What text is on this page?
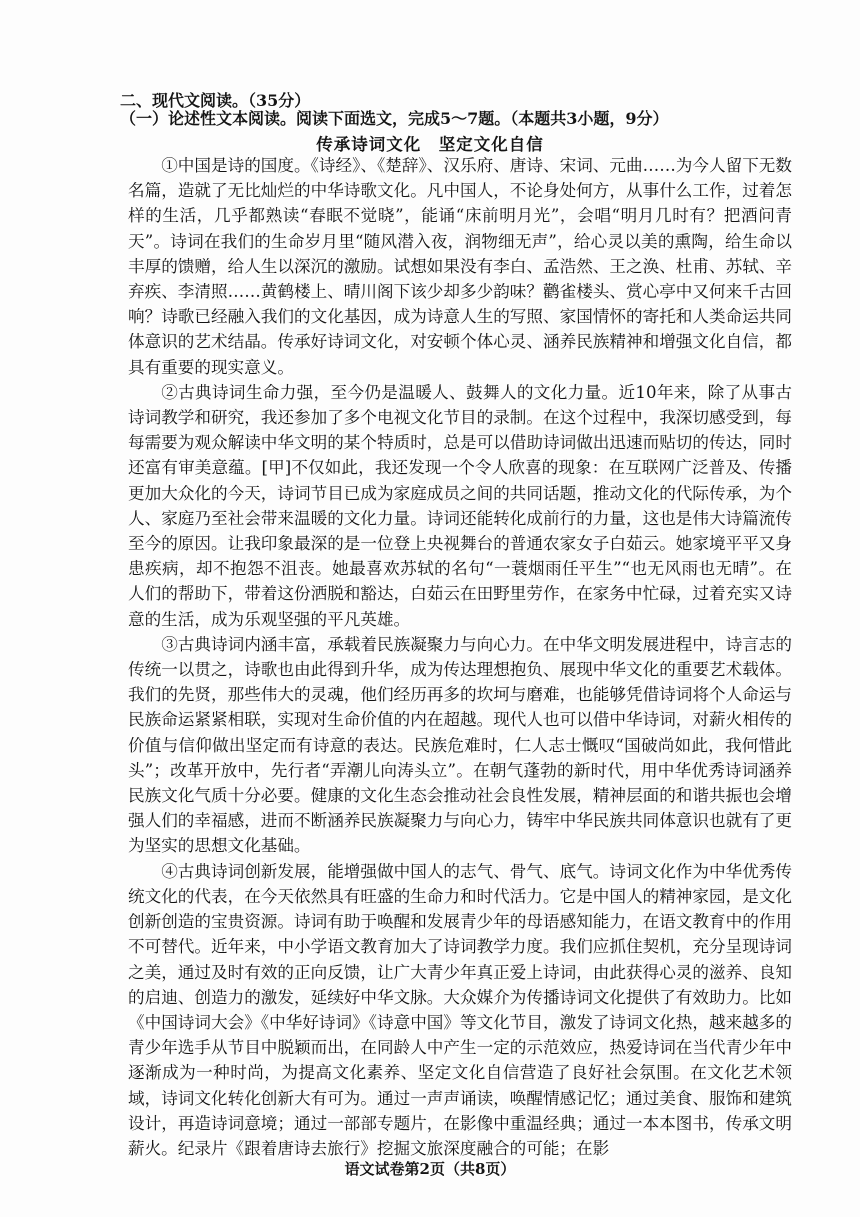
二、现代文阅读。（35分）
（一）论述性文本阅读。阅读下面选文，完成5～7题。（本题共3小题，9分）
传承诗词文化　坚定文化自信

①中国是诗的国度。《诗经》、《楚辞》、汉乐府、唐诗、宋词、元曲……为今人留下无数名篇，造就了无比灿烂的中华诗歌文化。凡中国人，不论身处何方，从事什么工作，过着怎样的生活，几乎都熟读“春眠不觉晓”，能诵“床前明月光”，会唱“明月几时有？把酒问青天”。诗词在我们的生命岁月里“随风潜入夜，润物细无声”，给心灵以美的熏陶，给生命以丰厚的馈赠，给人生以深沉的激励。试想如果没有李白、孟浩然、王之涣、杜甫、苏轼、辛弃疾、李清照……黄鹤楼上、晴川阁下该少却多少韵味？鹳雀楼头、赏心亭中又何来千古回响？诗歌已经融入我们的文化基因，成为诗意人生的写照、家国情怀的寄托和人类命运共同体意识的艺术结晶。传承好诗词文化，对安顿个体心灵、涵养民族精神和增强文化自信，都具有重要的现实意义。

②古典诗词生命力强，至今仍是温暖人、鼓舞人的文化力量。近10年来，除了从事古诗词教学和研究，我还参加了多个电视文化节目的录制。在这个过程中，我深切感受到，每每需要为观众解读中华文明的某个特质时，总是可以借助诗词做出迅速而贴切的传达，同时还富有审美意蕴。[甲]不仅如此，我还发现一个令人欣喜的现象：在互联网广泛普及、传播更加大众化的今天，诗词节目已成为家庭成员之间的共同话题，推动文化的代际传承，为个人、家庭乃至社会带来温暖的文化力量。诗词还能转化成前行的力量，这也是伟大诗篇流传至今的原因。让我印象最深的是一位登上央视舞台的普通农家女子白茹云。她家境平平又身患疾病，却不抱怨不沮丧。她最喜欢苏轼的名句“一蓑烟雨任平生”“也无风雨也无晴”。在人们的帮助下，带着这份洒脱和豁达，白茹云在田野里劳作，在家务中忙碌，过着充实又诗意的生活，成为乐观坚强的平凡英雄。

③古典诗词内涵丰富，承载着民族凝聚力与向心力。在中华文明发展进程中，诗言志的传统一以贯之，诗歌也由此得到升华，成为传达理想抱负、展现中华文化的重要艺术载体。我们的先贤，那些伟大的灵魂，他们经历再多的坎坷与磨难，也能够凭借诗词将个人命运与民族命运紧紧相联，实现对生命价值的内在超越。现代人也可以借中华诗词，对薪火相传的价值与信仰做出坚定而有诗意的表达。民族危难时，仁人志士慨叹“国破尚如此，我何惜此头”；改革开放中，先行者“弄潮儿向涛头立”。在朝气蓬勃的新时代，用中华优秀诗词涵养民族文化气质十分必要。健康的文化生态会推动社会良性发展，精神层面的和谐共振也会增强人们的幸福感，进而不断涵养民族凝聚力与向心力，铸牢中华民族共同体意识也就有了更为坚实的思想文化基础。

④古典诗词创新发展，能增强做中国人的志气、骨气、底气。诗词文化作为中华优秀传统文化的代表，在今天依然具有旺盛的生命力和时代活力。它是中国人的精神家园，是文化创新创造的宝贵资源。诗词有助于唤醒和发展青少年的母语感知能力，在语文教育中的作用不可替代。近年来，中小学语文教育加大了诗词教学力度。我们应抓住契机，充分呈现诗词之美，通过及时有效的正向反馈，让广大青少年真正爱上诗词，由此获得心灵的滋养、良知的启迪、创造力的激发，延续好中华文脉。大众媒介为传播诗词文化提供了有效助力。比如《中国诗词大会》《中华好诗词》《诗意中国》等文化节目，激发了诗词文化热，越来越多的青少年选手从节目中脱颖而出，在同龄人中产生一定的示范效应，热爱诗词在当代青少年中逐渐成为一种时尚，为提高文化素养、坚定文化自信营造了良好社会氛围。在文化艺术领域，诗词文化转化创新大有可为。通过一声声诵读，唤醒情感记忆；通过美食、服饰和建筑设计，再造诗词意境；通过一部部专题片，在影像中重温经典；通过一本本图书，传承文明薪火。纪录片《跟着唐诗去旅行》挖掘文旅深度融合的可能；在影

语文试卷第2页（共8页）
